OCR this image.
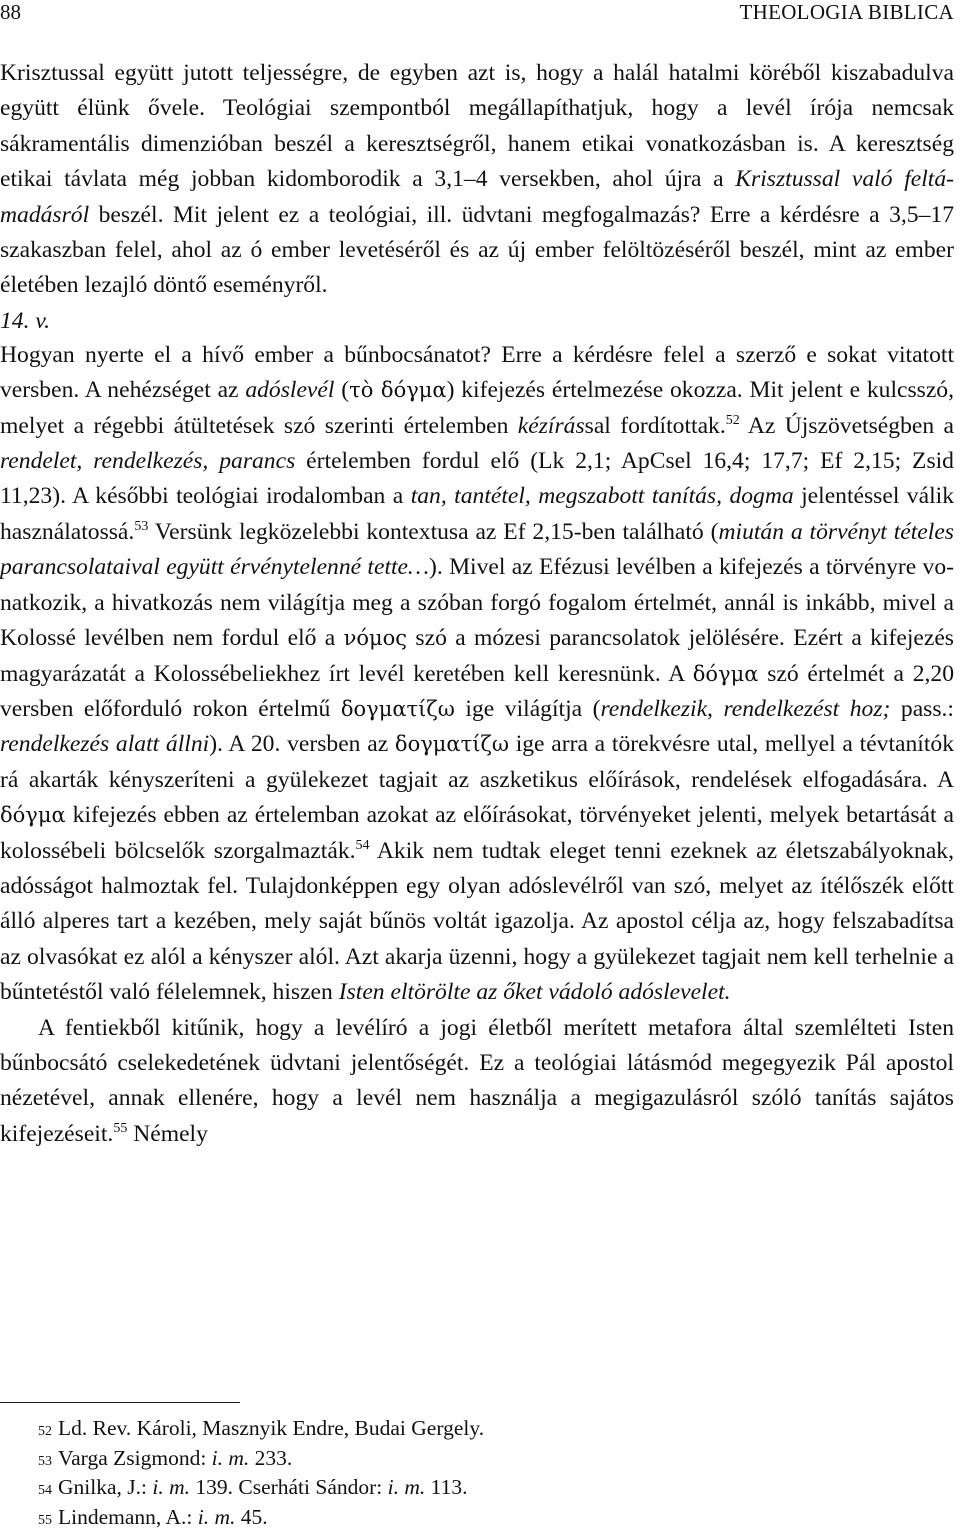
88	THEOLOGIA BIBLICA

Krisztussal együtt jutott teljességre, de egyben azt is, hogy a halál hatalmi köréből kiszabadulva együtt élünk ővele. Teológiai szempontból megállapíthatjuk, hogy a levél írója nemcsak sákramentális dimenzióban beszél a keresztségről, hanem etikai vonatkozásban is. A keresztség etikai távlata még jobban kidomborodik a 3,1–4 versekben, ahol újra a Krisztussal való feltámadásról beszél. Mit jelent ez a teológiai, ill. üdvtani megfogalmazás? Erre a kérdésre a 3,5–17 szakaszban felel, ahol az ó ember levetéséről és az új ember felöltözéséről beszél, mint az ember életében lezajló döntő eseményről.

14. v.

Hogyan nyerte el a hívő ember a bűnbocsánatot? Erre a kérdésre felel a szerző e sokat vitatott versben. A nehézséget az adóslevél (τὸ δόγμα) kifejezés értelmezése okozza. Mit jelent e kulcsszó, melyet a régebbi átültetések szó szerinti értelemben kézírással fordítottak.$^{52}$ Az Újszövetségben a rendelet, rendelkezés, parancs értelemben fordul elő (Lk 2,1; ApCsel 16,4; 17,7; Ef 2,15; Zsid 11,23). A későbbi teológiai irodalomban a tan, tantétel, megszabott tanítás, dogma jelentéssel válik használatossá.$^{53}$ Versünk legközelebbi kontextusa az Ef 2,15-ben található (miután a törvényt tételes parancsolataival együtt érvénytelenné tette…). Mivel az Efézusi levélben a kifejezés a törvényre vonatkozik, a hivatkozás nem világítja meg a szóban forgó fogalom értelmét, annál is inkább, mivel a Kolossé levélben nem fordul elő a νόμος szó a mózesi parancsolatok jelölésére. Ezért a kifejezés magyarázatát a Kolossébeliekhez írt levél keretében kell keresnünk. A δόγμα szó értelmét a 2,20 versben előforduló rokon értelmű δογματίζω ige világítja (rendelkezik, rendelkezést hoz; pass.: rendelkezés alatt állni). A 20. versben az δογματίζω ige arra a törekvésre utal, mellyel a tévtanítók rá akarták kényszeríteni a gyülekezet tagjait az aszketikus előírások, rendelések elfogadására. A δόγμα kifejezés ebben az értelemban azokat az előírásokat, törvényeket jelenti, melyek betartását a kolossébeli bölcselők szorgalmazták.$^{54}$ Akik nem tudtak eleget tenni ezeknek az életszabályoknak, adósságot halmoztak fel. Tulajdonképpen egy olyan adóslevélről van szó, melyet az ítélőszék előtt álló alperes tart a kezében, mely saját bűnös voltát igazolja. Az apostol célja az, hogy felszabadítsa az olvasókat ez alól a kényszer alól. Azt akarja üzenni, hogy a gyülekezet tagjait nem kell terhelnie a bűntetéstől való félelemnek, hiszen Isten eltörölte az őket vádoló adóslevelet.

A fentiekből kitűnik, hogy a levélíró a jogi életből merített metafora által szemlélteti Isten bűnbocsátó cselekedetének üdvtani jelentőségét. Ez a teológiai látásmód megegyezik Pál apostol nézetével, annak ellenére, hogy a levél nem használja a megigazulásról szóló tanítás sajátos kifejezéseit.$^{55}$ Némely

52 Ld. Rev. Károli, Masznyik Endre, Budai Gergely.
53 Varga Zsigmond: i. m. 233.
54 Gnilka, J.: i. m. 139. Cserháti Sándor: i. m. 113.
55 Lindemann, A.: i. m. 45.
